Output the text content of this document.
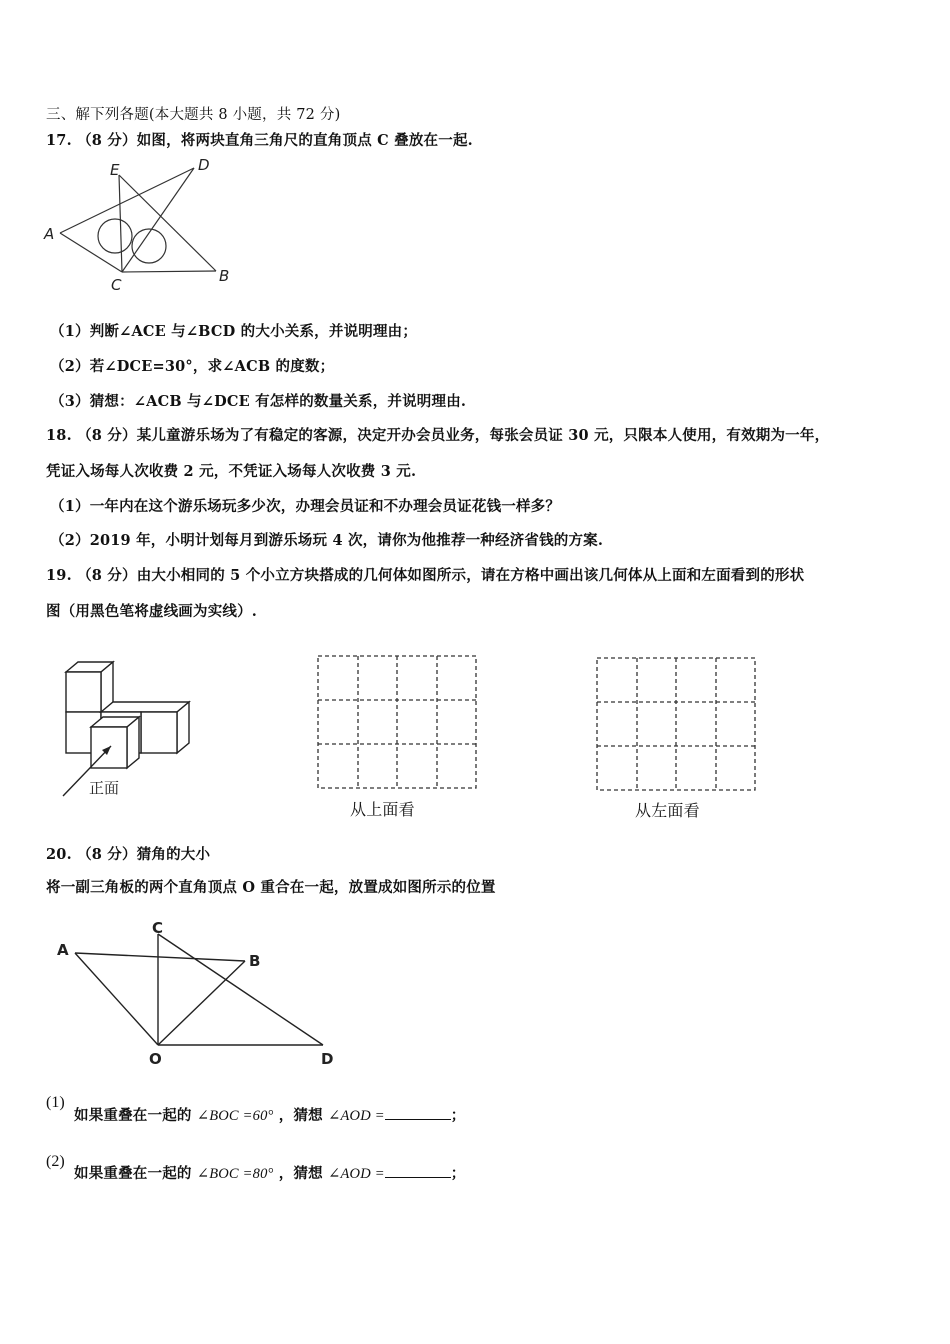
三、解下列各题(本大题共 8 小题，共 72 分)
17. （8 分）如图，将两块直角三角尺的直角顶点 C 叠放在一起.
A
E	D
C	B
（1）判断∠ACE 与∠BCD 的大小关系，并说明理由；
（2）若∠DCE=30°，求∠ACB 的度数；
（3）猜想：∠ACB 与∠DCE 有怎样的数量关系，并说明理由.
18. （8 分）某儿童游乐场为了有稳定的客源，决定开办会员业务，每张会员证 30 元，只限本人使用，有效期为一年，
凭证入场每人次收费 2 元，不凭证入场每人次收费 3 元.
（1）一年内在这个游乐场玩多少次，办理会员证和不办理会员证花钱一样多？
（2）2019 年，小明计划每月到游乐场玩 4 次，请你为他推荐一种经济省钱的方案.
19. （8 分）由大小相同的 5 个小立方块搭成的几何体如图所示，请在方格中画出该几何体从上面和左面看到的形状
图（用黑色笔将虚线画为实线）.
正面
从上面看	从左面看
20. （8 分）猜角的大小
将一副三角板的两个直角顶点 O 重合在一起，放置成如图所示的位置
A
C
B
O	D
(1)
如果重叠在一起的 ∠BOC =60° ，猜想 ∠AOD =	；
(2)
如果重叠在一起的 ∠BOC =80° ，猜想 ∠AOD =	；
